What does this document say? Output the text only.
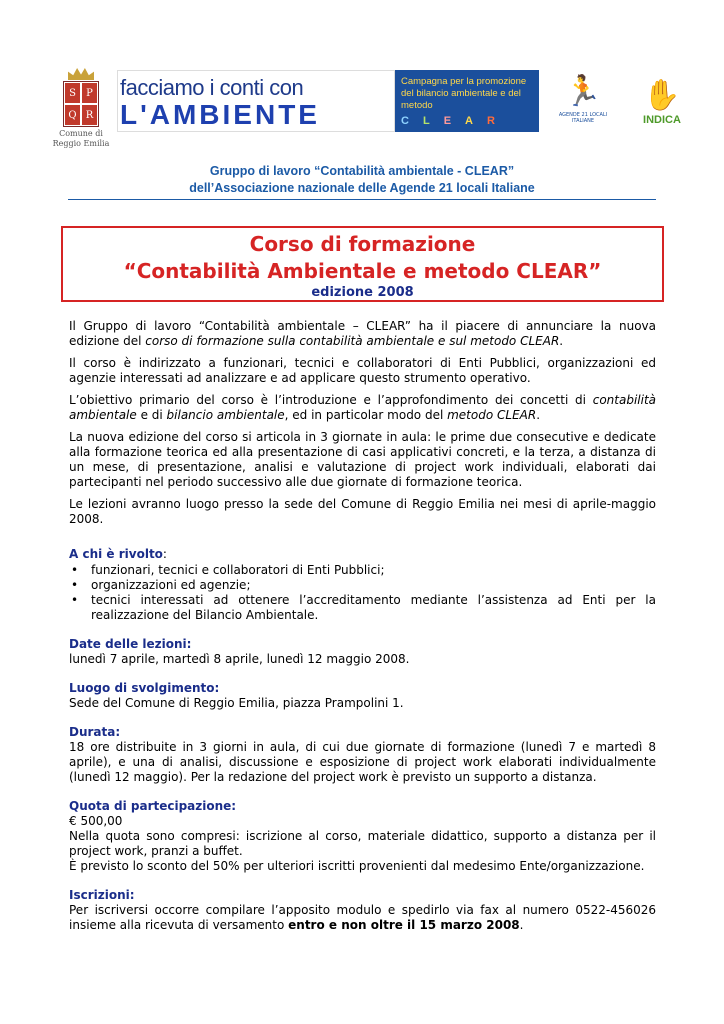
S	P
Q R
Comune di Reggio Emilia
facciamo i conti con
L'AMBIENTE
Campagna per la promozione del bilancio ambientale e del metodo
C L E A R
🏃
AGENDE 21 LOCALI ITALIANE
✋
INDICA
Gruppo di lavoro “Contabilità ambientale - CLEAR”
dell’Associazione nazionale delle Agende 21 locali Italiane
Corso di formazione
“Contabilità Ambientale e metodo CLEAR”
edizione 2008

Il Gruppo di lavoro “Contabilità ambientale – CLEAR” ha il piacere di annunciare la nuova edizione del corso di formazione sulla contabilità ambientale e sul metodo CLEAR.

Il corso è indirizzato a funzionari, tecnici e collaboratori di Enti Pubblici, organizzazioni ed agenzie interessati ad analizzare e ad applicare questo strumento operativo.

L’obiettivo primario del corso è l’introduzione e l’approfondimento dei concetti di contabilità ambientale e di bilancio ambientale, ed in particolar modo del metodo CLEAR.

La nuova edizione del corso si articola in 3 giornate in aula: le prime due consecutive e dedicate alla formazione teorica ed alla presentazione di casi applicativi concreti, e la terza, a distanza di un mese, di presentazione, analisi e valutazione di project work individuali, elaborati dai partecipanti nel periodo successivo alle due giornate di formazione teorica.

Le lezioni avranno luogo presso la sede del Comune di Reggio Emilia nei mesi di aprile-maggio 2008.

A chi è rivolto:
• funzionari, tecnici e collaboratori di Enti Pubblici;
• organizzazioni ed agenzie;
• tecnici interessati ad ottenere l’accreditamento mediante l’assistenza ad Enti per la realizzazione del Bilancio Ambientale.
Date delle lezioni:
lunedì 7 aprile, martedì 8 aprile, lunedì 12 maggio 2008.
Luogo di svolgimento:
Sede del Comune di Reggio Emilia, piazza Prampolini 1.
Durata:
18 ore distribuite in 3 giorni in aula, di cui due giornate di formazione (lunedì 7 e martedì 8 aprile), e una di analisi, discussione e esposizione di project work elaborati individualmente (lunedì 12 maggio). Per la redazione del project work è previsto un supporto a distanza.
Quota di partecipazione:
€ 500,00
Nella quota sono compresi: iscrizione al corso, materiale didattico, supporto a distanza per il project work, pranzi a buffet.
È previsto lo sconto del 50% per ulteriori iscritti provenienti dal medesimo Ente/organizzazione.
Iscrizioni:
Per iscriversi occorre compilare l’apposito modulo e spedirlo via fax al numero 0522-456026 insieme alla ricevuta di versamento entro e non oltre il 15 marzo 2008.
